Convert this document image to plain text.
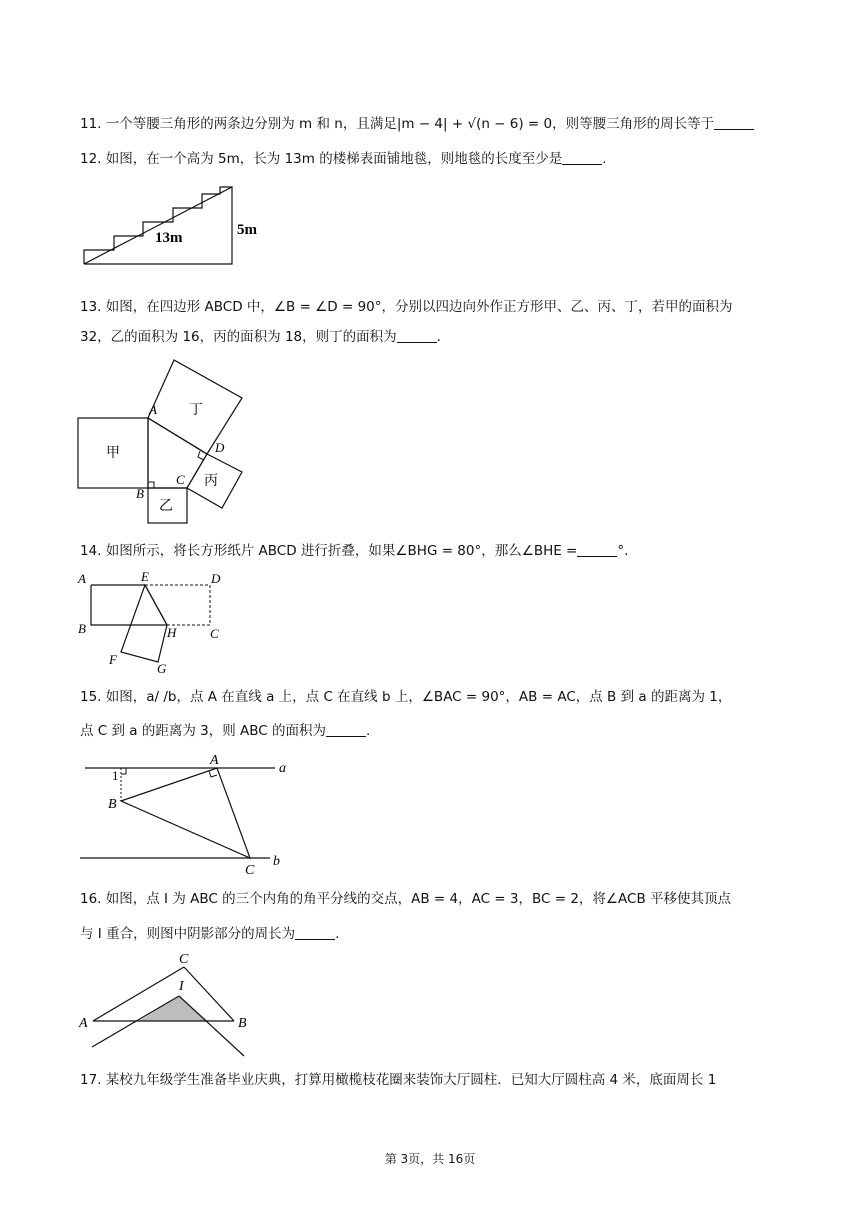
11. 一个等腰三角形的两条边分别为 m 和 n，且满足|m − 4| + √(n − 6) = 0，则等腰三角形的周长等于
12. 如图，在一个高为 5m，长为 13m 的楼梯表面铺地毯，则地毯的长度至少是	.
13m	5m
13. 如图，在四边形 ABCD 中，∠B = ∠D = 90°，分别以四边向外作正方形甲、乙、丙、丁，若甲的面积为
32，乙的面积为 16，丙的面积为 18，则丁的面积为	.
A
B
C
D
甲
乙
丙
丁
14. 如图所示，将长方形纸片 ABCD 进行折叠，如果∠BHG = 80°，那么∠BHE =	°.
A	E	D
B	H	C
F
G
15. 如图，a/ /b，点 A 在直线 a 上，点 C 在直线 b 上，∠BAC = 90°，AB = AC，点 B 到 a 的距离为 1，
点 C 到 a 的距离为 3，则 ABC 的面积为	.
a
b
A
B
C
1
16. 如图，点 I 为 ABC 的三个内角的角平分线的交点，AB = 4，AC = 3，BC = 2，将∠ACB 平移使其顶点
与 I 重合，则图中阴影部分的周长为	.
C
I
A	B
17. 某校九年级学生准备毕业庆典，打算用橄榄枝花圈来装饰大厅圆柱．已知大厅圆柱高 4 米，底面周长 1
第 3页，共 16页
